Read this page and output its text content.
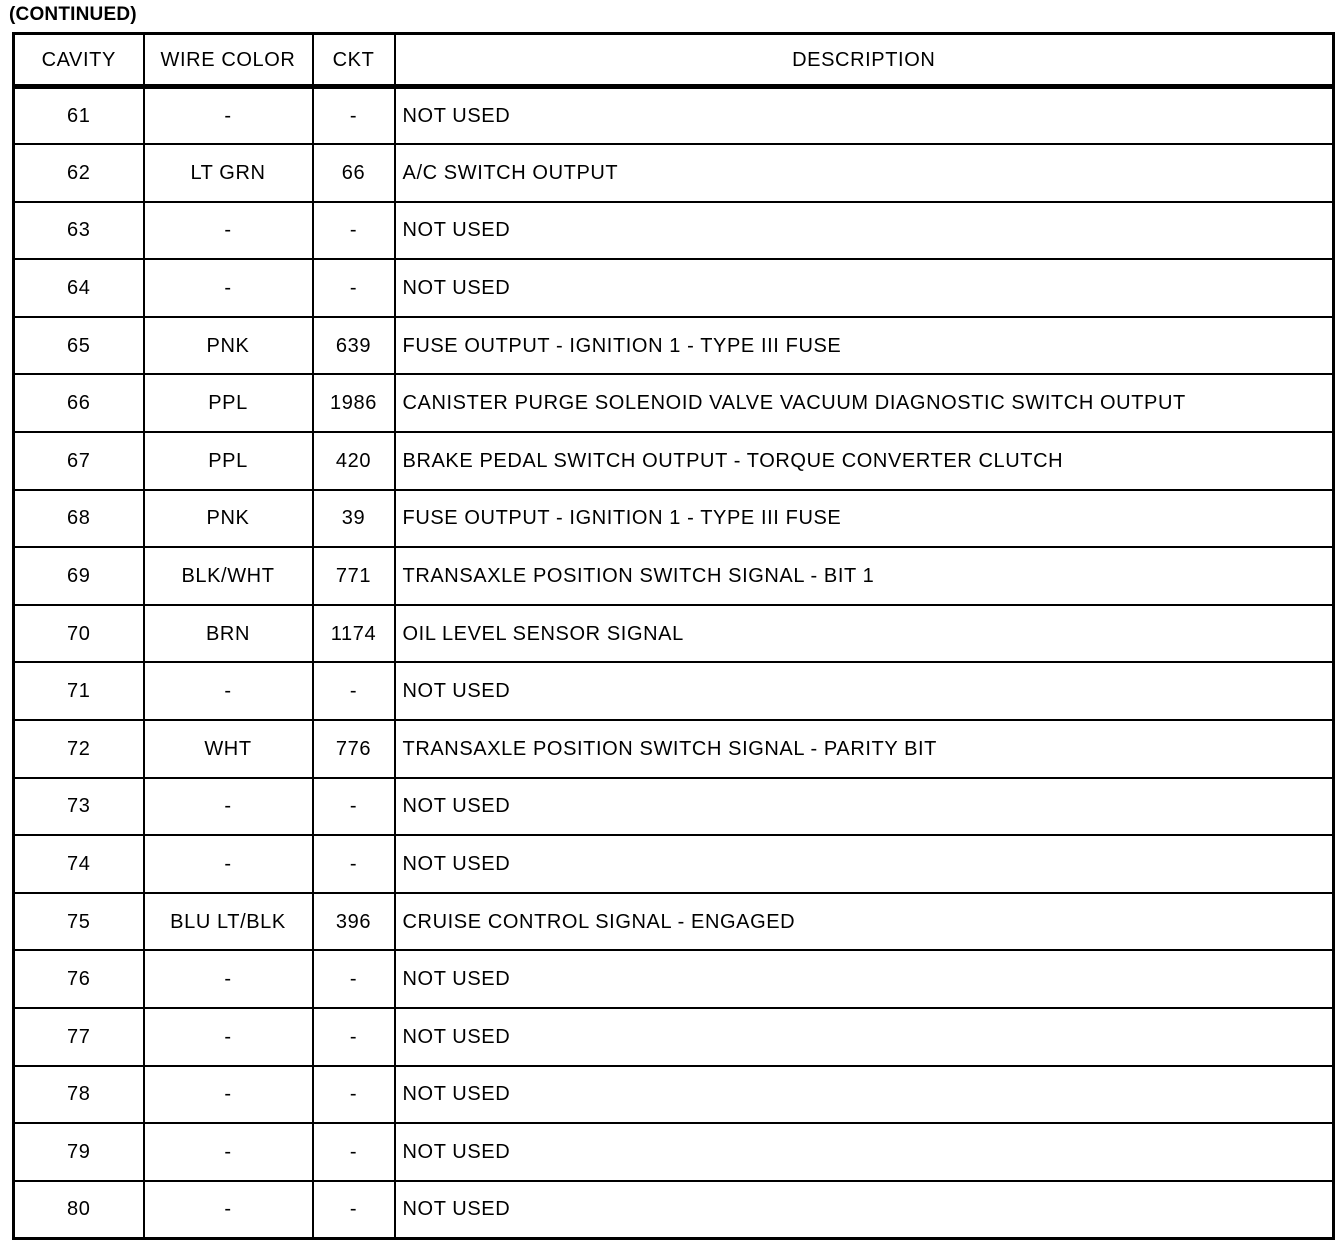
(CONTINUED)
CAVITY	WIRE COLOR	CKT	DESCRIPTION
61	-	-	NOT USED
62	LT GRN	66	A/C SWITCH OUTPUT
63	-	-	NOT USED
64	-	-	NOT USED
65	PNK	639	FUSE OUTPUT - IGNITION 1 - TYPE III FUSE
66	PPL	1986	CANISTER PURGE SOLENOID VALVE VACUUM DIAGNOSTIC SWITCH OUTPUT
67	PPL	420	BRAKE PEDAL SWITCH OUTPUT - TORQUE CONVERTER CLUTCH
68	PNK	39	FUSE OUTPUT - IGNITION 1 - TYPE III FUSE
69	BLK/WHT	771	TRANSAXLE POSITION SWITCH SIGNAL - BIT 1
70	BRN	1174	OIL LEVEL SENSOR SIGNAL
71	-	-	NOT USED
72	WHT	776	TRANSAXLE POSITION SWITCH SIGNAL - PARITY BIT
73	-	-	NOT USED
74	-	-	NOT USED
75	BLU LT/BLK	396	CRUISE CONTROL SIGNAL - ENGAGED
76	-	-	NOT USED
77	-	-	NOT USED
78	-	-	NOT USED
79	-	-	NOT USED
80	-	-	NOT USED
